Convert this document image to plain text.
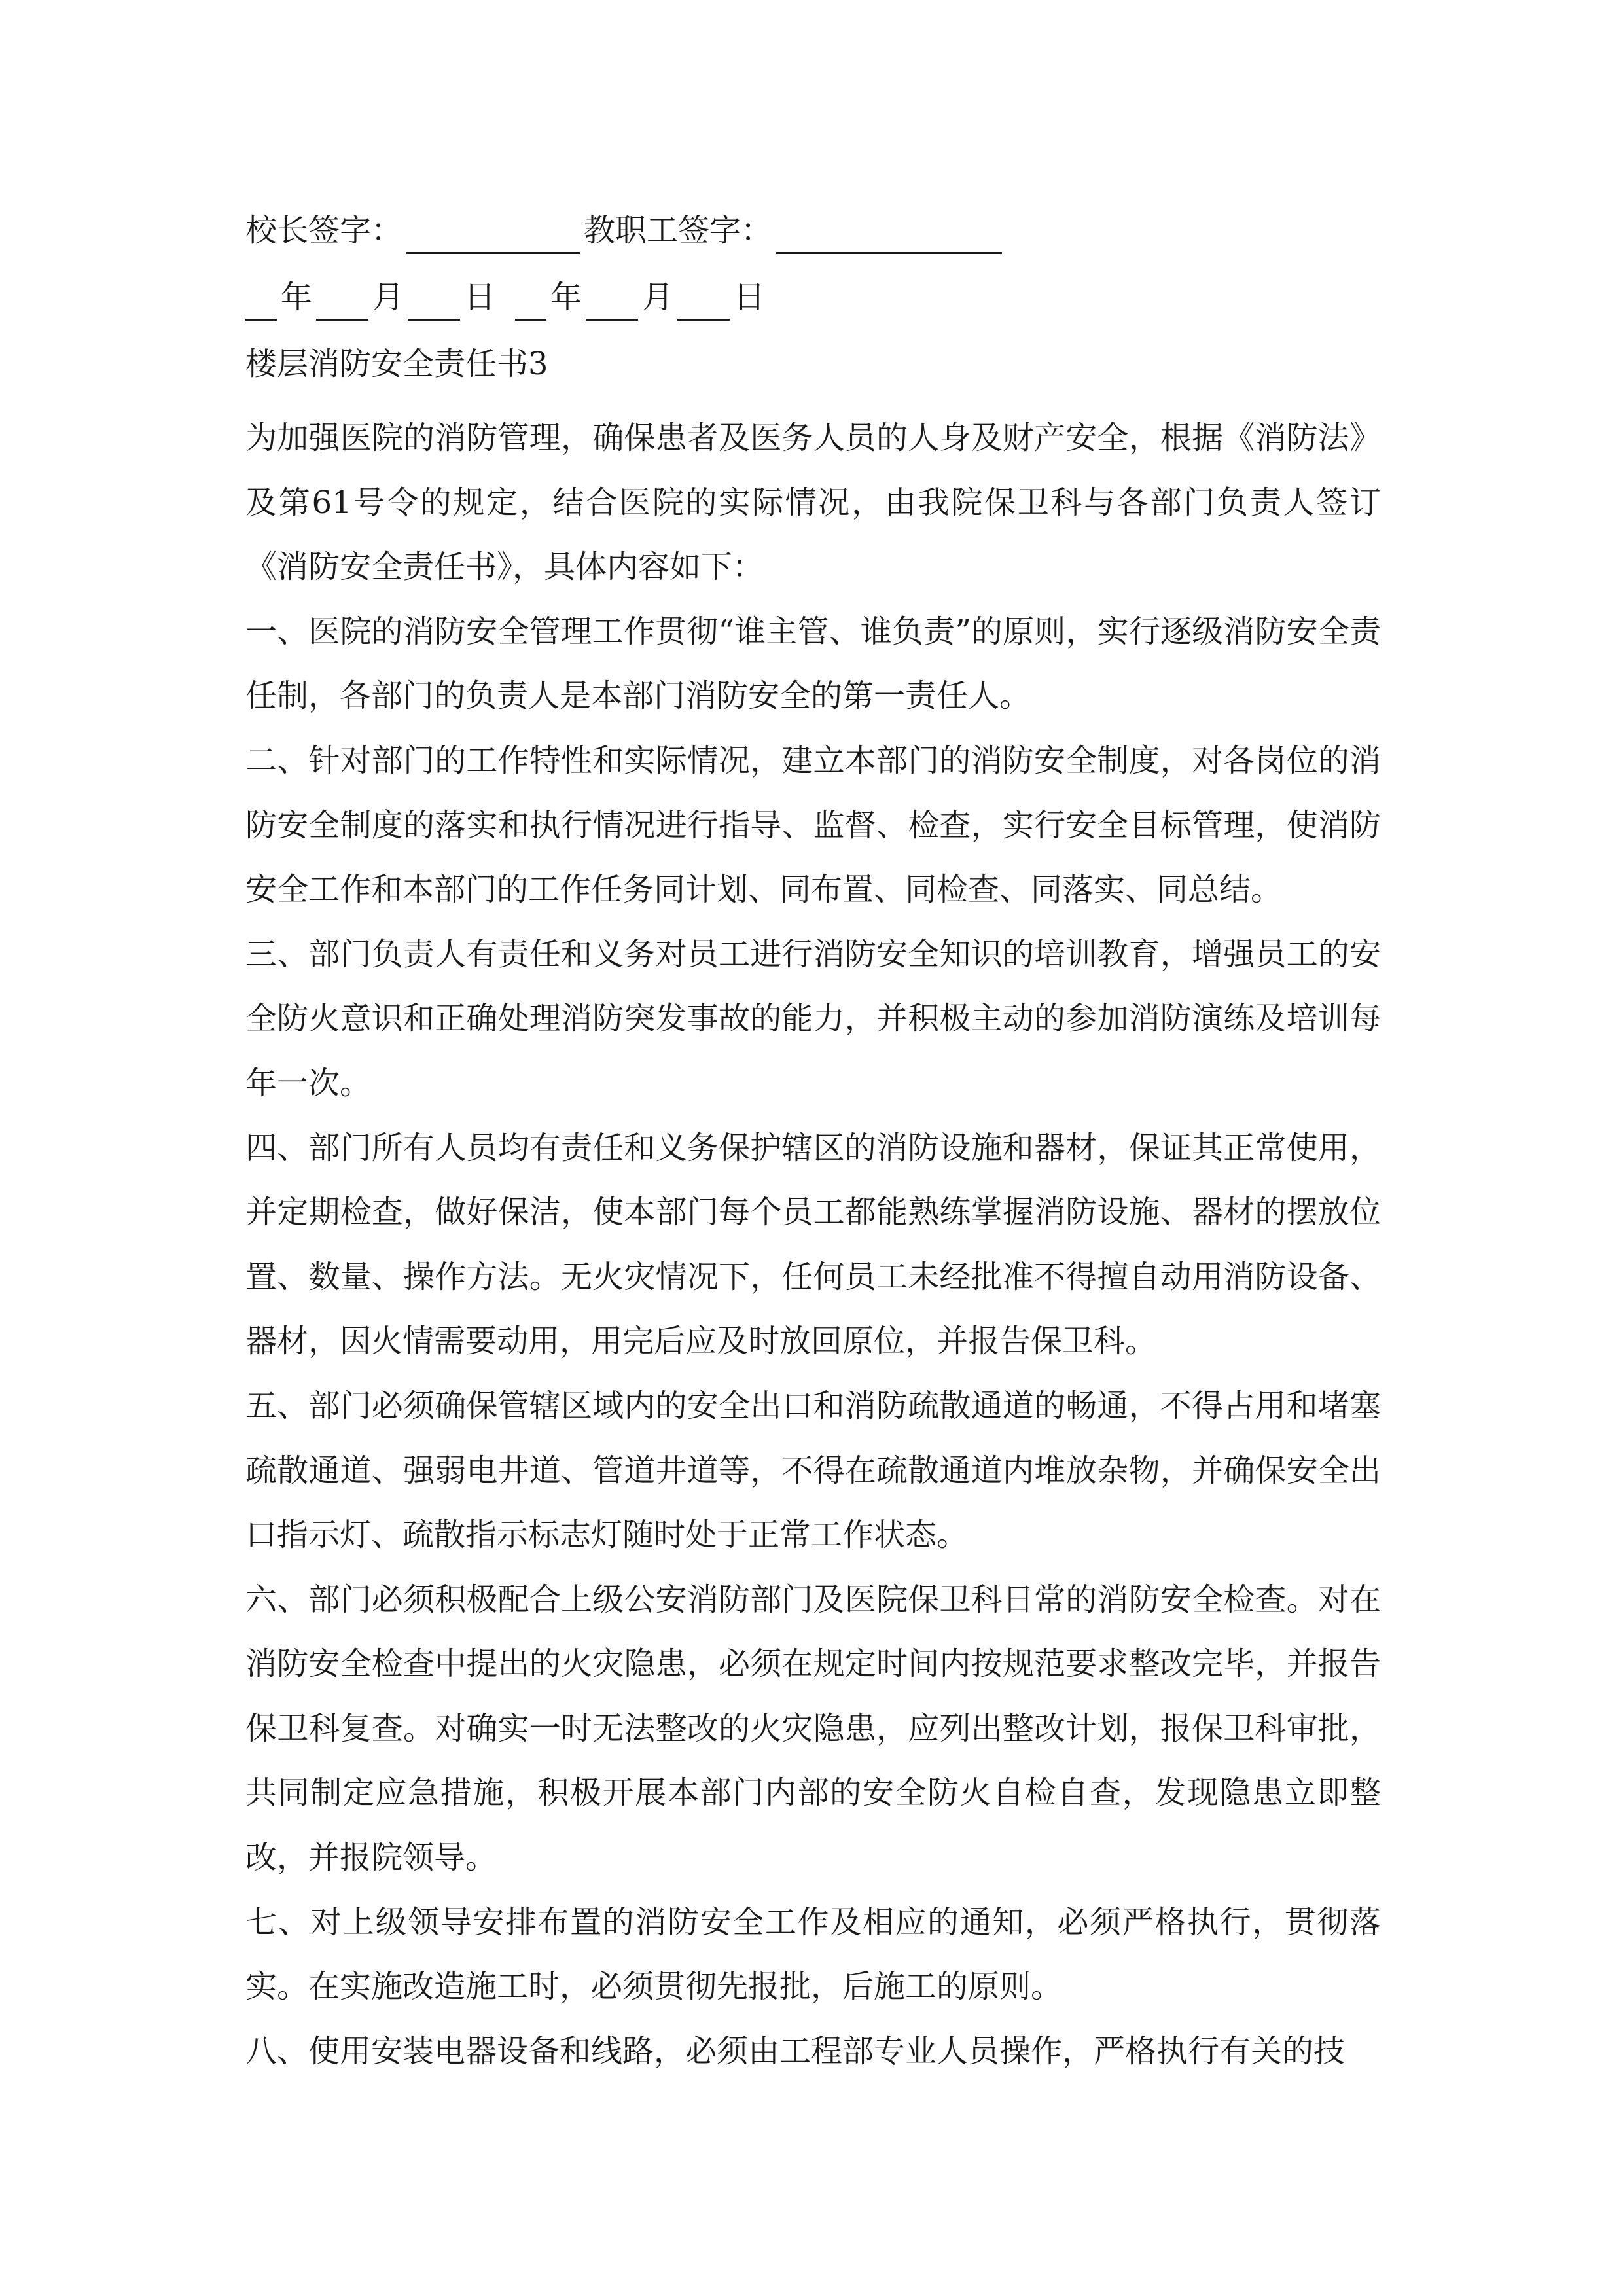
校长签字：	教职工签字：
年 月 日 年 月 日
楼层消防安全责任书3

为加强医院的消防管理，确保患者及医务人员的人身及财产安全，根据《消防法》及第61号令的规定，结合医院的实际情况，由我院保卫科与各部门负责人签订《消防安全责任书》，具体内容如下：

一、医院的消防安全管理工作贯彻“谁主管、谁负责”的原则，实行逐级消防安全责任制，各部门的负责人是本部门消防安全的第一责任人。

二、针对部门的工作特性和实际情况，建立本部门的消防安全制度，对各岗位的消防安全制度的落实和执行情况进行指导、监督、检查，实行安全目标管理，使消防安全工作和本部门的工作任务同计划、同布置、同检查、同落实、同总结。

三、部门负责人有责任和义务对员工进行消防安全知识的培训教育，增强员工的安全防火意识和正确处理消防突发事故的能力，并积极主动的参加消防演练及培训每年一次。

四、部门所有人员均有责任和义务保护辖区的消防设施和器材，保证其正常使用，并定期检查，做好保洁，使本部门每个员工都能熟练掌握消防设施、器材的摆放位置、数量、操作方法。无火灾情况下，任何员工未经批准不得擅自动用消防设备、器材，因火情需要动用，用完后应及时放回原位，并报告保卫科。

五、部门必须确保管辖区域内的安全出口和消防疏散通道的畅通，不得占用和堵塞疏散通道、强弱电井道、管道井道等，不得在疏散通道内堆放杂物，并确保安全出口指示灯、疏散指示标志灯随时处于正常工作状态。

六、部门必须积极配合上级公安消防部门及医院保卫科日常的消防安全检查。对在消防安全检查中提出的火灾隐患，必须在规定时间内按规范要求整改完毕，并报告保卫科复查。对确实一时无法整改的火灾隐患，应列出整改计划，报保卫科审批，共同制定应急措施，积极开展本部门内部的安全防火自检自查，发现隐患立即整改，并报院领导。

七、对上级领导安排布置的消防安全工作及相应的通知，必须严格执行，贯彻落实。在实施改造施工时，必须贯彻先报批，后施工的原则。

八、使用安装电器设备和线路，必须由工程部专业人员操作，严格执行有关的技
